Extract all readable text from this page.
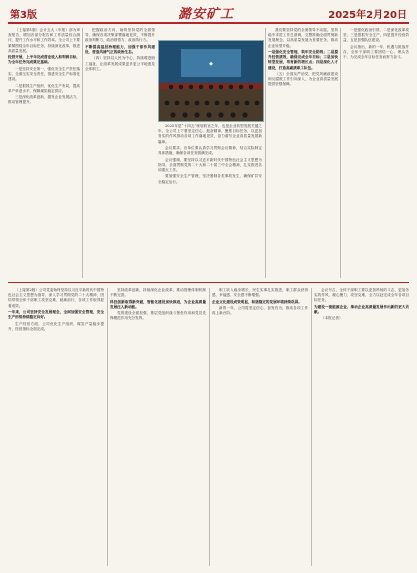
第3版	潞安矿工	2025年2月20日

（上接第1版）会计五大（年报）部为审查报告，增加各部分报告和工作质量综合测评，提升工作水平和工作效率。全公司上下要紧紧围绕全年目标任务，持续深化改革，推进高质量发展。

经营开展，上半年完成营业收入和利润目标，为全年任务完成奠定基础。

一是坚持安全第一，强化安全生产责任落实，全面压实安全责任，推进安全生产标准化建设。

二是狠抓生产组织，优化生产布局，提高单产单进水平，保障煤炭稳定供应。

三是深化改革创新，激发企业发展活力，推动管理提升。

把握政治方向，始终坚持党的全面领导，确保各项决策部署落地见效，不断提升政治判断力、政治领悟力、政治执行力。

不断提高基层治理能力，加强干部作风建设，营造风清气正的政治生态。

（四）坚持以人民为中心，持续增进职工福祉，让改革发展成果更多更公平地惠及全体职工。

◆

2025年是“十四五”规划收官之年，也是企业转型发展关键之年。全公司上下要坚定信心、振奋精神，聚焦目标任务，以更加务实的作风推动各项工作落地见效，奋力谱写企业高质量发展新篇章。

会议要求，各单位要认真学习贯彻会议精神，结合实际制定具体措施，确保各项任务圆满完成。

会议强调，要坚持以习近平新时代中国特色社会主义思想为指导，全面贯彻党的二十大和二十届三中全会精神，扎实推进各项重点工作。

要加强安全生产管理，坚决遏制各类事故发生，确保矿井安全稳定运行。

我们要坚持党的全面领导不动摇，坚持稳中求进工作总基调，完整准确全面贯彻新发展理念，以高质量发展为首要任务，推动企业转型升级。

一是强化安全管理，筑牢安全防线；二是提升经营质效，确保完成全年目标；三是加快转型发展，培育新的增长点；四是深化人才建设，打造高素质职工队伍。

（五）全面从严治党，把党风廉政建设和反腐败工作引向深入，为企业高质量发展提供坚强保障。

一是强化政治引领，二是深化改革攻坚，三是狠抓安全生产，四是提升经营效益，五是加强队伍建设。

会议指出，新的一年，机遇与挑战并存，全体干部职工要团结一心、埋头苦干，为完成全年目标任务而努力奋斗。

（上接第2版）公司党委始终坚持以习近平新时代中国特色社会主义思想为指导，深入学习贯彻党的二十大精神，团结带领全体干部职工攻坚克难、砥砺前行，各项工作取得显著成效。

一年来，公司坚持安全发展理念，全面加强安全管理，安全生产形势持续稳定向好。

生产经营方面，公司优化生产组织，煤炭产量稳步提升，经营指标全面完成。

坚持改革创新，持续深化企业改革，推动管理体制机制不断完善。

科技创新取得新突破，智能化建设加快推进，为企业高质量发展注入新动能。

党的建设全面加强，基层党组织战斗堡垒作用和党员先锋模范作用充分发挥。

职工收入稳步增长，民生实事扎实推进，职工群众获得感、幸福感、安全感不断增强。

企业文化建设成效明显，和谐稳定的发展环境持续巩固。

新的一年，公司将坚定信心、奋发有为，推动各项工作再上新台阶。

会议号召，全体干部职工要以更加昂扬的斗志、更加务实的作风，凝心聚力、攻坚克难，全力以赴完成全年各项目标任务。

为建设一流能源企业、推动企业高质量发展作出新的更大贡献。

（本报记者）
